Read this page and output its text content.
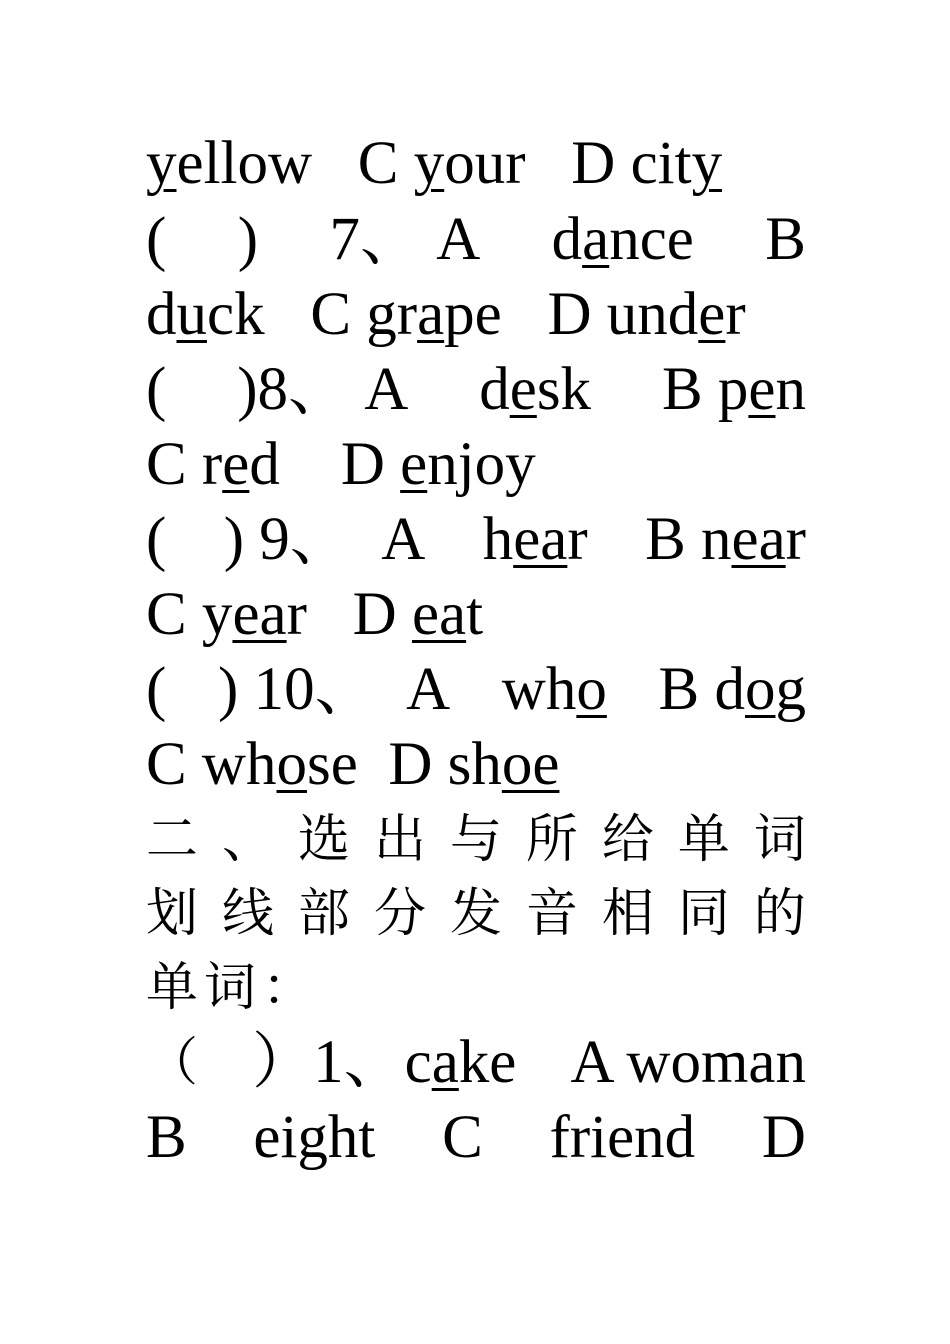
yellow   C your   D city
( ) 7、 A dance B
duck   C grape   D under
( )8、 A desk B pen
C red    D enjoy
( ) 9、  A hear B near
C year   D eat
( ) 10、  A who B dog
C whose  D shoe
二 、 选 出 与 所 给 单 词
划 线 部 分 发 音 相 同 的
单词：
（ ）1、cake A woman
B eight C friend D
